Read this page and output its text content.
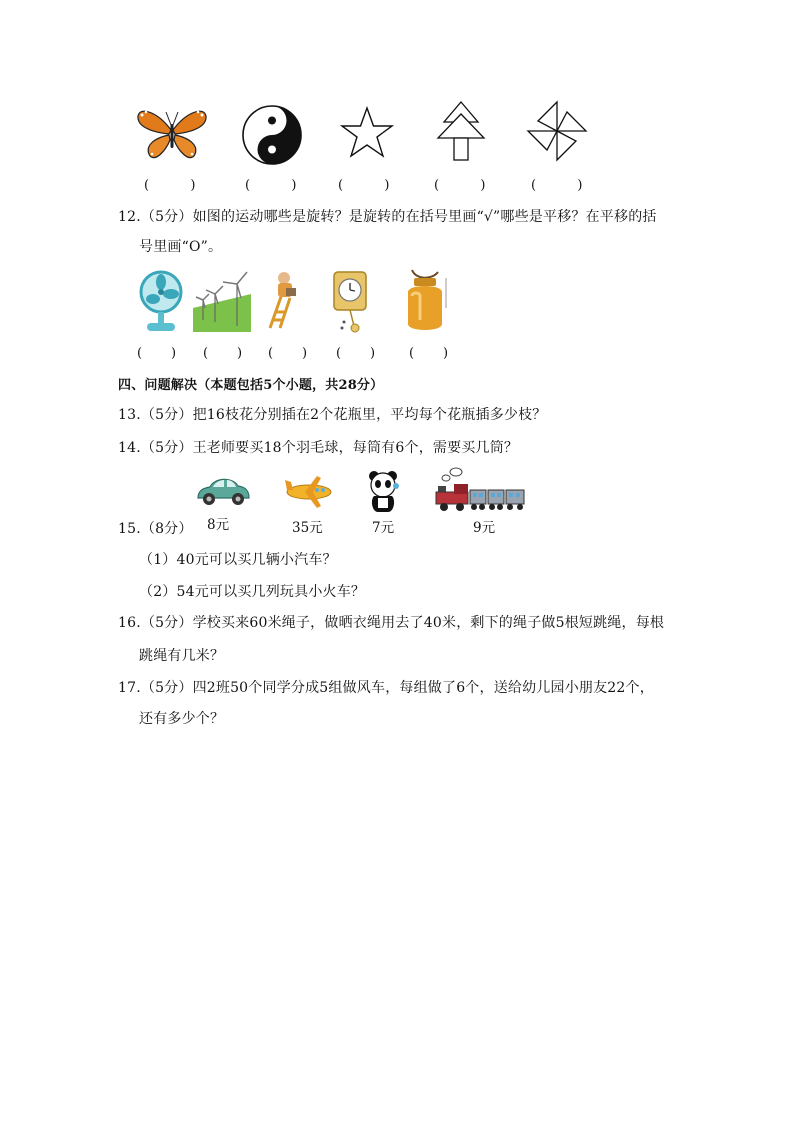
(          )	(          )	(          )	(          )	(          )
12.（5分）如图的运动哪些是旋转？是旋转的在括号里画“√”哪些是平移？在平移的括
号里画“O”。
(       ) (       ) (       ) (       )	(       )
四、问题解决（本题包括5个小题，共28分）
13.（5分）把16枝花分别插在2个花瓶里，平均每个花瓶插多少枝？
14.（5分）王老师要买18个羽毛球，每筒有6个，需要买几筒？
8元	35元	7元	9元
15.（8分）
（1）40元可以买几辆小汽车？
（2）54元可以买几列玩具小火车？
16.（5分）学校买来60米绳子，做晒衣绳用去了40米，剩下的绳子做5根短跳绳，每根
跳绳有几米？
17.（5分）四2班50个同学分成5组做风车，每组做了6个，送给幼儿园小朋友22个，
还有多少个？
